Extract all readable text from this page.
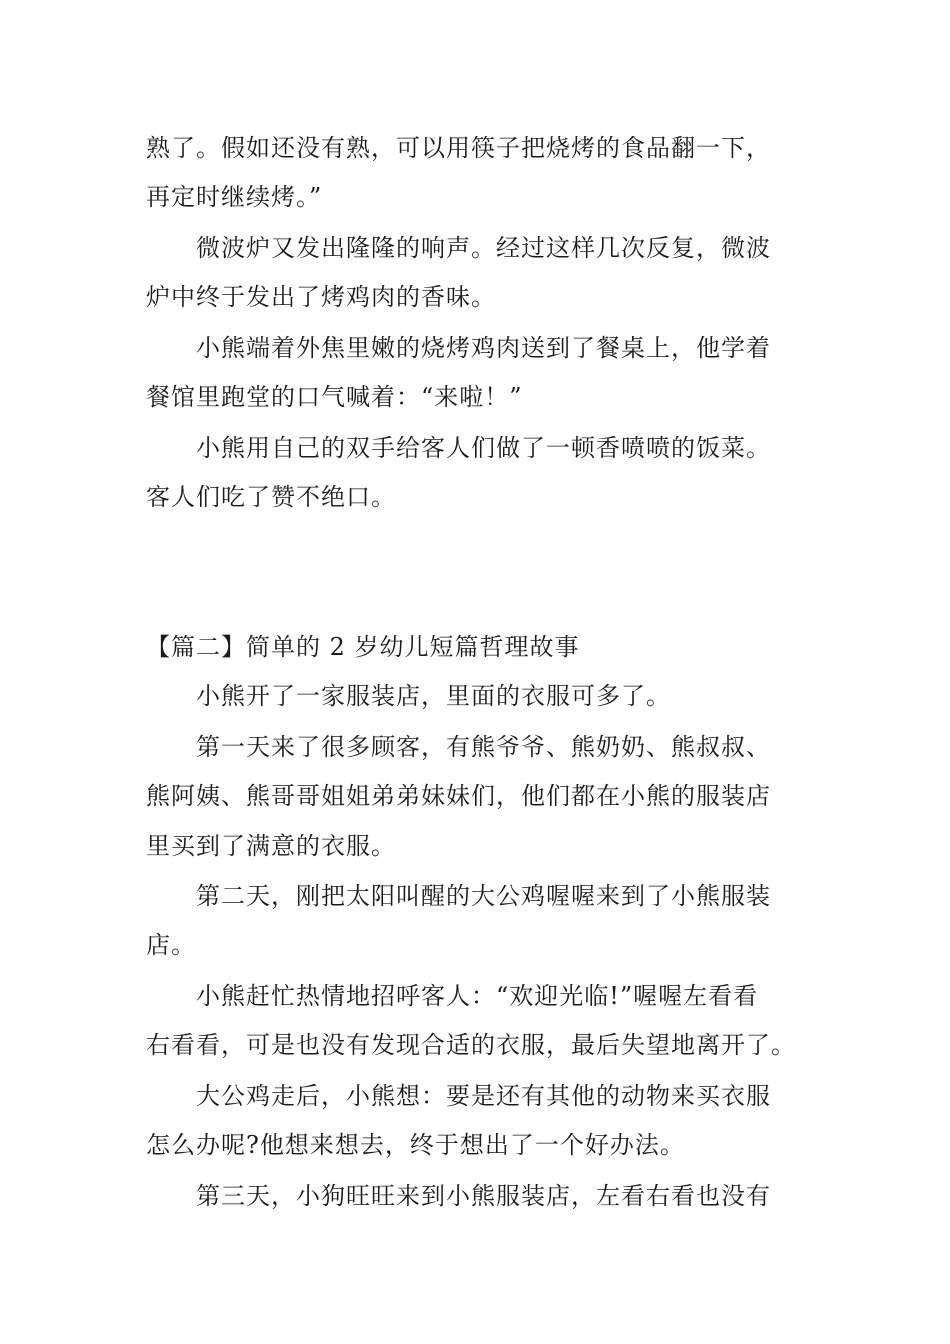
熟了。假如还没有熟，可以用筷子把烧烤的食品翻一下，
再定时继续烤。”
微波炉又发出隆隆的响声。经过这样几次反复，微波
炉中终于发出了烤鸡肉的香味。
小熊端着外焦里嫩的烧烤鸡肉送到了餐桌上，他学着
餐馆里跑堂的口气喊着：“来啦！”
小熊用自己的双手给客人们做了一顿香喷喷的饭菜。
客人们吃了赞不绝口。
【篇二】简单的 2 岁幼儿短篇哲理故事
小熊开了一家服装店，里面的衣服可多了。
第一天来了很多顾客，有熊爷爷、熊奶奶、熊叔叔、
熊阿姨、熊哥哥姐姐弟弟妹妹们，他们都在小熊的服装店
里买到了满意的衣服。
第二天，刚把太阳叫醒的大公鸡喔喔来到了小熊服装
店。
小熊赶忙热情地招呼客人：“欢迎光临!”喔喔左看看
右看看，可是也没有发现合适的衣服，最后失望地离开了。
大公鸡走后，小熊想：要是还有其他的动物来买衣服
怎么办呢?他想来想去，终于想出了一个好办法。
第三天，小狗旺旺来到小熊服装店，左看右看也没有
